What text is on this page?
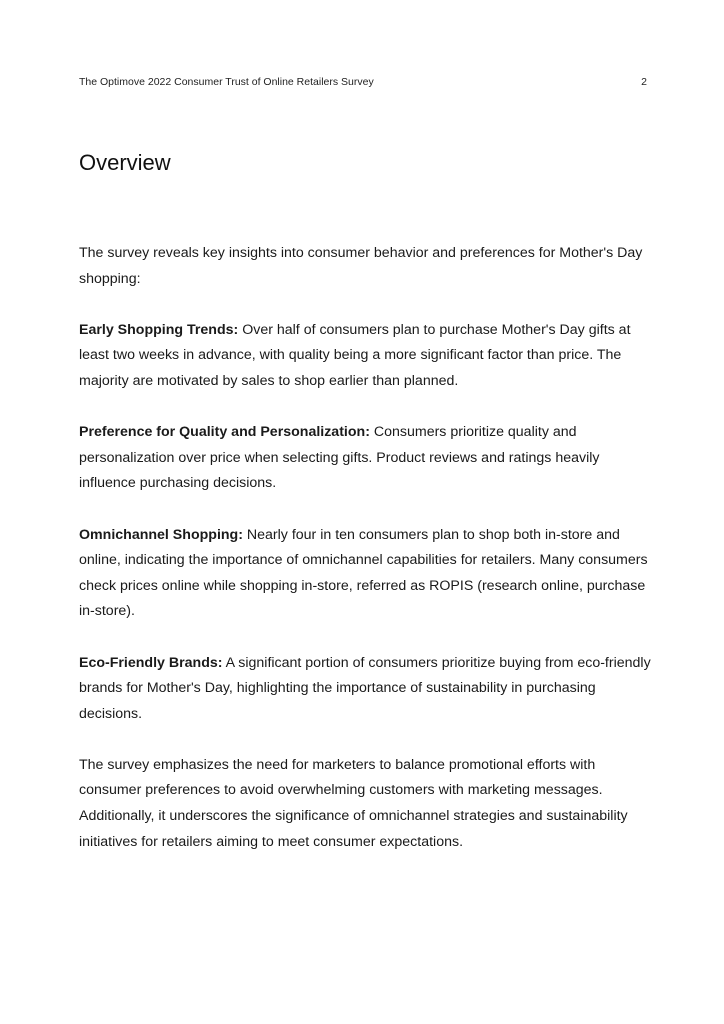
The Optimove 2022 Consumer Trust of Online Retailers Survey	2
Overview

The survey reveals key insights into consumer behavior and preferences for Mother's Day shopping:

Early Shopping Trends: Over half of consumers plan to purchase Mother's Day gifts at least two weeks in advance, with quality being a more significant factor than price. The majority are motivated by sales to shop earlier than planned.

Preference for Quality and Personalization: Consumers prioritize quality and personalization over price when selecting gifts. Product reviews and ratings heavily influence purchasing decisions.

Omnichannel Shopping: Nearly four in ten consumers plan to shop both in-store and online, indicating the importance of omnichannel capabilities for retailers. Many consumers check prices online while shopping in-store, referred as ROPIS (research online, purchase in-store).

Eco-Friendly Brands: A significant portion of consumers prioritize buying from eco-friendly brands for Mother's Day, highlighting the importance of sustainability in purchasing decisions.

The survey emphasizes the need for marketers to balance promotional efforts with consumer preferences to avoid overwhelming customers with marketing messages. Additionally, it underscores the significance of omnichannel strategies and sustainability initiatives for retailers aiming to meet consumer expectations.
